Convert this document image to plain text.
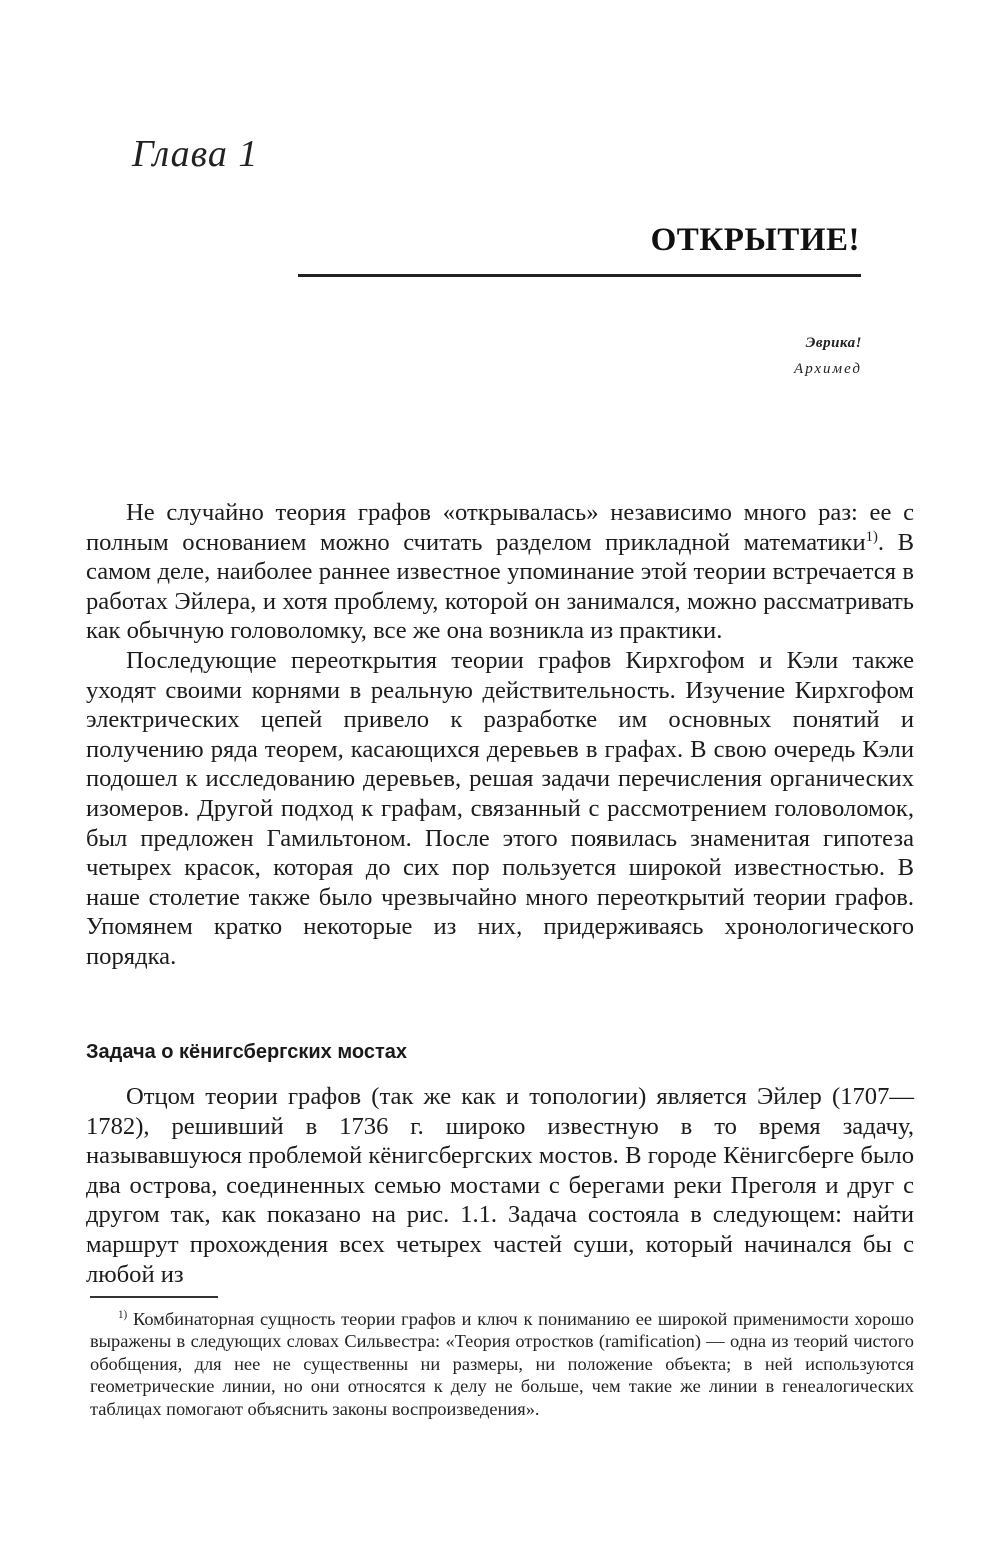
Глава 1
ОТКРЫТИЕ!
Эврика!
Архимед

Не случайно теория графов «открывалась» независимо много раз: ее с полным основанием можно считать разделом прикладной математики$^{1)}$. В самом деле, наиболее раннее известное упоминание этой теории встречается в работах Эйлера, и хотя проблему, которой он занимался, можно рассматривать как обычную головоломку, все же она возникла из практики.

Последующие переоткрытия теории графов Кирхгофом и Кэли также уходят своими корнями в реальную действительность. Изучение Кирхгофом электрических цепей привело к разработке им основных понятий и получению ряда теорем, касающихся деревьев в графах. В свою очередь Кэли подошел к исследованию деревьев, решая задачи перечисления органических изомеров. Другой подход к графам, связанный с рассмотрением головоломок, был предложен Гамильтоном. После этого появилась знаменитая гипотеза четырех красок, которая до сих пор пользуется широкой известностью. В наше столетие также было чрезвычайно много переоткрытий теории графов. Упомянем кратко некоторые из них, придерживаясь хронологического порядка.

Задача о кёнигсбергских мостах

Отцом теории графов (так же как и топологии) является Эйлер (1707—1782), решивший в 1736 г. широко известную в то время задачу, называвшуюся проблемой кёнигсбергских мостов. В городе Кёнигсберге было два острова, соединенных семью мостами с берегами реки Преголя и друг с другом так, как показано на рис. 1.1. Задача состояла в следующем: найти маршрут прохождения всех четырех частей суши, который начинался бы с любой из

$^{1)}$ Комбинаторная сущность теории графов и ключ к пониманию ее широкой применимости хорошо выражены в следующих словах Сильвестра: «Теория отростков (ramification) — одна из теорий чистого обобщения, для нее не существенны ни размеры, ни положение объекта; в ней используются геометрические линии, но они относятся к делу не больше, чем такие же линии в генеалогических таблицах помогают объяснить законы воспроизведения».
